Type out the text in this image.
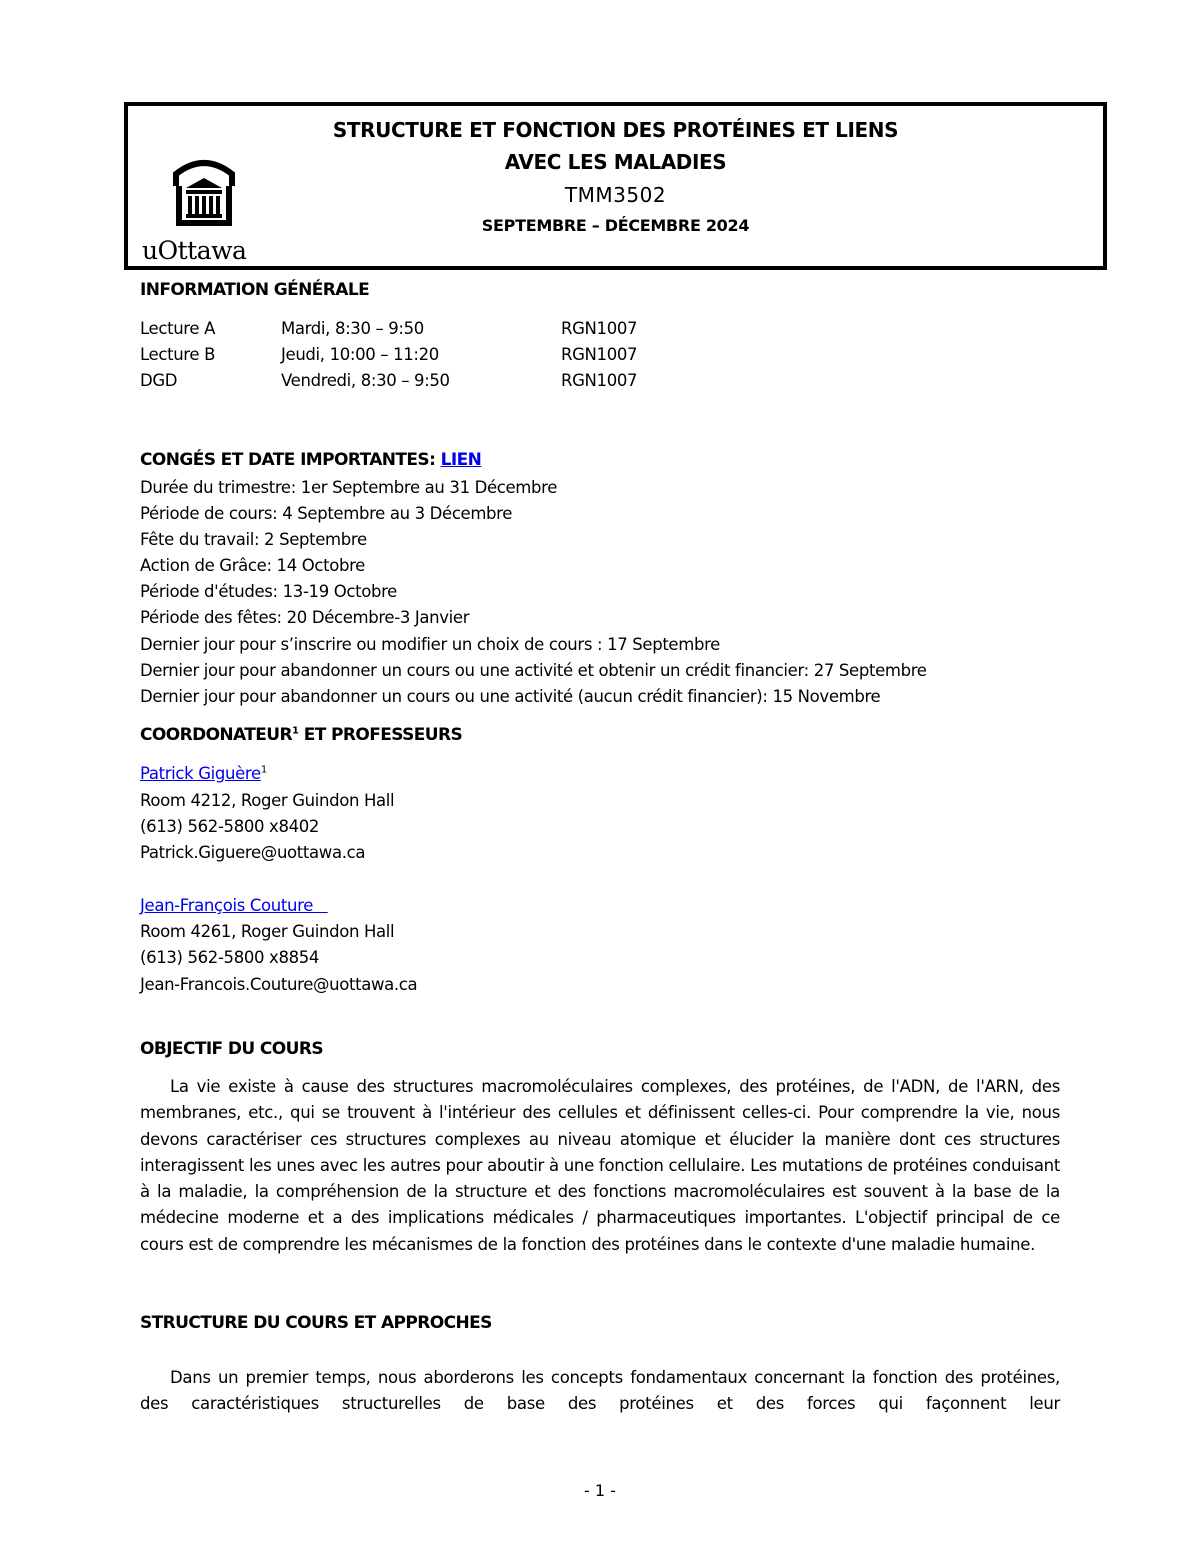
uOttawa
STRUCTURE ET FONCTION DES PROTÉINES ET LIENS
AVEC LES MALADIES
TMM3502
SEPTEMBRE – DÉCEMBRE 2024
INFORMATION GÉNÉRALE
Lecture A	Mardi, 8:30 – 9:50	RGN1007
Lecture B	Jeudi, 10:00 – 11:20	RGN1007
DGD	Vendredi, 8:30 – 9:50	RGN1007
CONGÉS ET DATE IMPORTANTES: LIEN
Durée du trimestre: 1er Septembre au 31 Décembre
Période de cours: 4 Septembre au 3 Décembre
Fête du travail: 2 Septembre
Action de Grâce: 14 Octobre
Période d'études: 13-19 Octobre
Période des fêtes: 20 Décembre-3 Janvier
Dernier jour pour s’inscrire ou modifier un choix de cours : 17 Septembre
Dernier jour pour abandonner un cours ou une activité et obtenir un crédit financier: 27 Septembre
Dernier jour pour abandonner un cours ou une activité (aucun crédit financier): 15 Novembre
COORDONATEUR$^1$ ET PROFESSEURS
Patrick Giguère$^1$
Room 4212, Roger Guindon Hall
(613) 562-5800 x8402
Patrick.Giguere@uottawa.ca
Jean-François Couture
Room 4261, Roger Guindon Hall
(613) 562-5800 x8854
Jean-Francois.Couture@uottawa.ca
OBJECTIF DU COURS
La vie existe à cause des structures macromoléculaires complexes, des protéines, de l'ADN, de l'ARN, des membranes, etc., qui se trouvent à l'intérieur des cellules et définissent celles-ci. Pour comprendre la vie, nous devons caractériser ces structures complexes au niveau atomique et élucider la manière dont ces structures interagissent les unes avec les autres pour aboutir à une fonction cellulaire. Les mutations de protéines conduisant à la maladie, la compréhension de la structure et des fonctions macromoléculaires est souvent à la base de la médecine moderne et a des implications médicales / pharmaceutiques importantes. L'objectif principal de ce cours est de comprendre les mécanismes de la fonction des protéines dans le contexte d'une maladie humaine.
STRUCTURE DU COURS ET APPROCHES
Dans un premier temps, nous aborderons les concepts fondamentaux concernant la fonction des protéines, des caractéristiques structurelles de base des protéines et des forces qui façonnent leur
- 1 -
